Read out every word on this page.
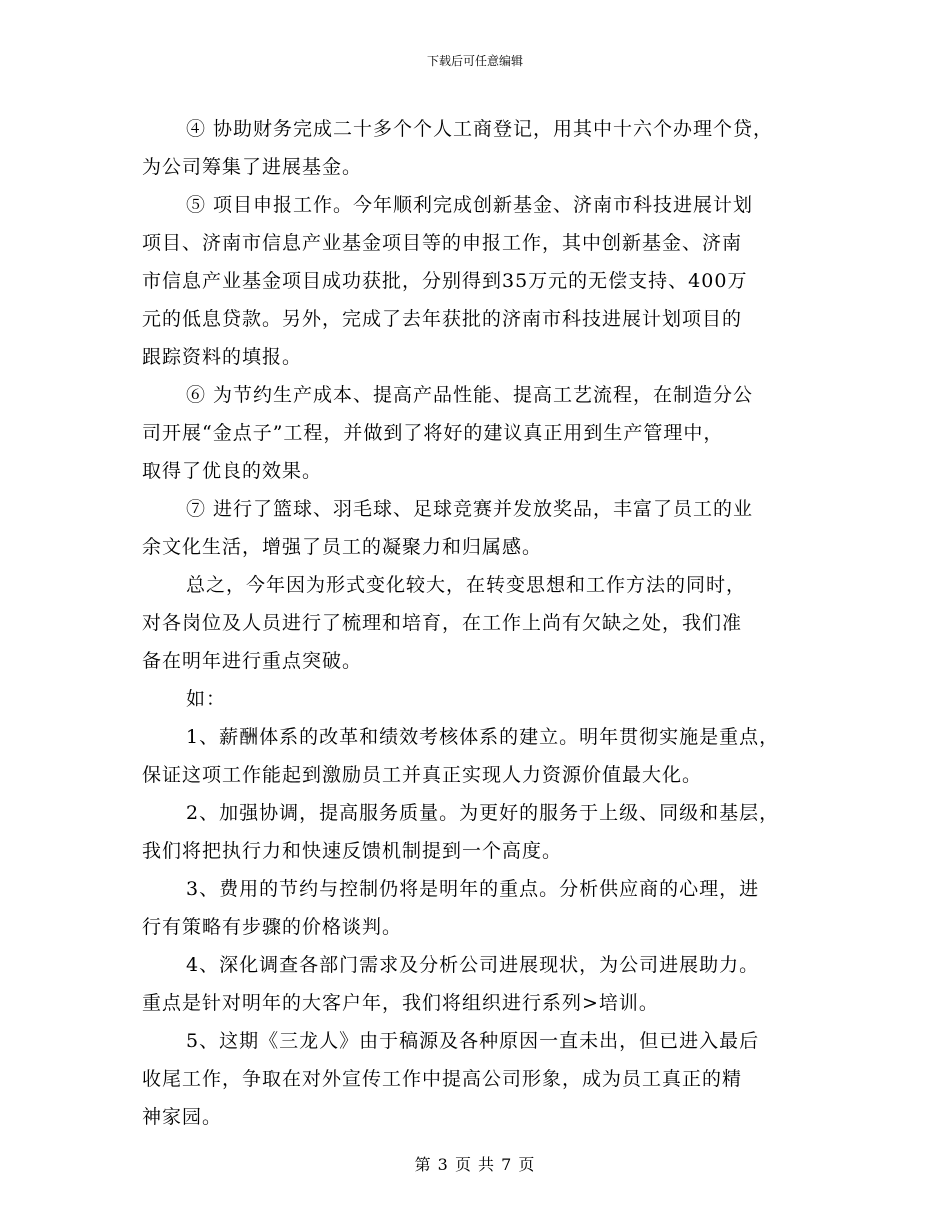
下载后可任意编辑
④ 协助财务完成二十多个个人工商登记，用其中十六个办理个贷，
为公司筹集了进展基金。
⑤ 项目申报工作。今年顺利完成创新基金、济南市科技进展计划
项目、济南市信息产业基金项目等的申报工作，其中创新基金、济南
市信息产业基金项目成功获批，分别得到35万元的无偿支持、400万
元的低息贷款。另外，完成了去年获批的济南市科技进展计划项目的
跟踪资料的填报。
⑥ 为节约生产成本、提高产品性能、提高工艺流程，在制造分公
司开展“金点子”工程，并做到了将好的建议真正用到生产管理中，
取得了优良的效果。
⑦ 进行了篮球、羽毛球、足球竞赛并发放奖品，丰富了员工的业
余文化生活，增强了员工的凝聚力和归属感。
总之，今年因为形式变化较大，在转变思想和工作方法的同时，
对各岗位及人员进行了梳理和培育，在工作上尚有欠缺之处，我们准
备在明年进行重点突破。
如：
1、薪酬体系的改革和绩效考核体系的建立。明年贯彻实施是重点，
保证这项工作能起到激励员工并真正实现人力资源价值最大化。
2、加强协调，提高服务质量。为更好的服务于上级、同级和基层，
我们将把执行力和快速反馈机制提到一个高度。
3、费用的节约与控制仍将是明年的重点。分析供应商的心理，进
行有策略有步骤的价格谈判。
4、深化调查各部门需求及分析公司进展现状，为公司进展助力。
重点是针对明年的大客户年，我们将组织进行系列>培训。
5、这期《三龙人》由于稿源及各种原因一直未出，但已进入最后
收尾工作，争取在对外宣传工作中提高公司形象，成为员工真正的精
神家园。
第 3 页 共 7 页
